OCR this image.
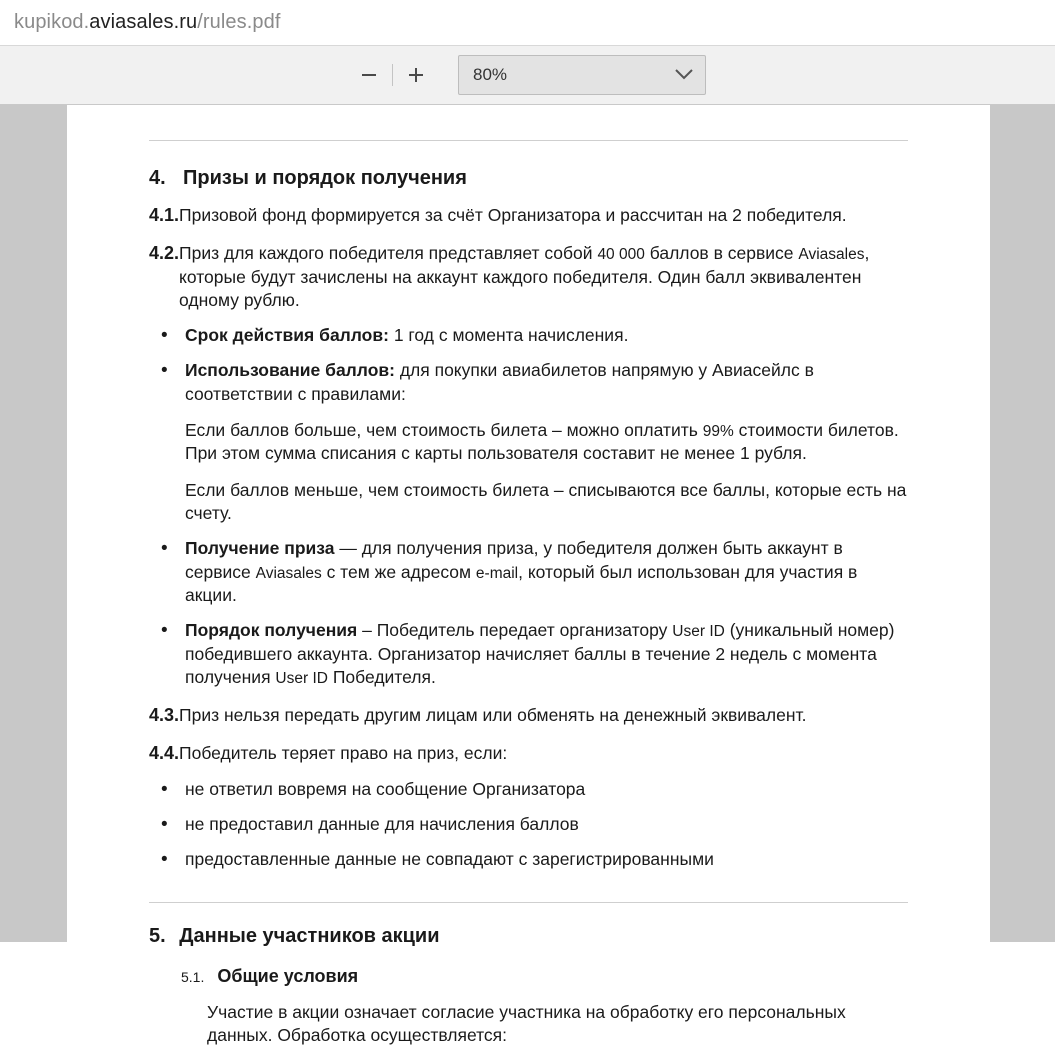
kupikod.aviasales.ru/rules.pdf
80%
4. Призы и порядок получения
4.1. Призовой фонд формируется за счёт Организатора и рассчитан на 2 победителя.
4.2. Приз для каждого победителя представляет собой 40 000 баллов в сервисе Aviasales, которые будут зачислены на аккаунт каждого победителя. Один балл эквивалентен одному рублю.
• Срок действия баллов: 1 год с момента начисления.
• Использование баллов: для покупки авиабилетов напрямую у Авиасейлс в соответствии с правилами:
Если баллов больше, чем стоимость билета – можно оплатить 99% стоимости билетов. При этом сумма списания с карты пользователя составит не менее 1 рубля.
Если баллов меньше, чем стоимость билета – списываются все баллы, которые есть на счету.
• Получение приза — для получения приза, у победителя должен быть аккаунт в сервисе Aviasales с тем же адресом e-mail, который был использован для участия в акции.
• Порядок получения – Победитель передает организатору User ID (уникальный номер) победившего аккаунта. Организатор начисляет баллы в течение 2 недель с момента получения User ID Победителя.
4.3. Приз нельзя передать другим лицам или обменять на денежный эквивалент.
4.4. Победитель теряет право на приз, если:
• не ответил вовремя на сообщение Организатора
• не предоставил данные для начисления баллов
• предоставленные данные не совпадают с зарегистрированными
5. Данные участников акции
5.1. Общие условия
Участие в акции означает согласие участника на обработку его персональных данных. Обработка осуществляется:
